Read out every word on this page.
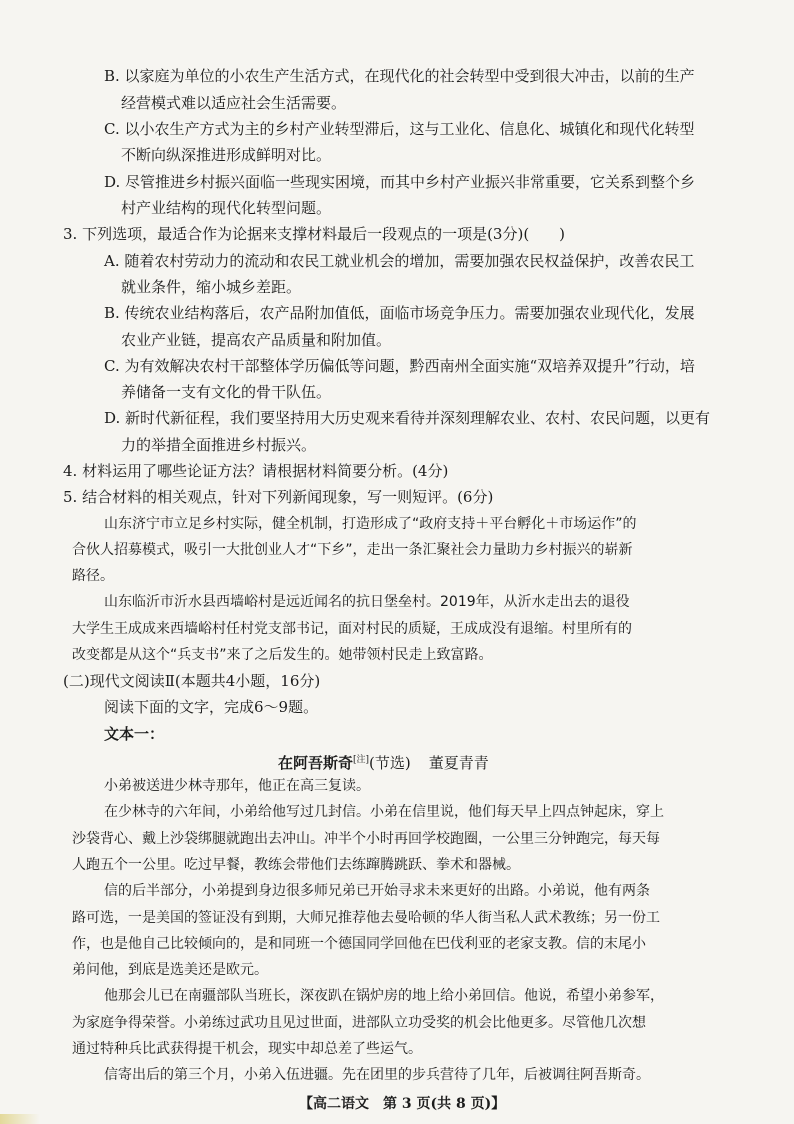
B. 以家庭为单位的小农生产生活方式，在现代化的社会转型中受到很大冲击，以前的生产
经营模式难以适应社会生活需要。
C. 以小农生产方式为主的乡村产业转型滞后，这与工业化、信息化、城镇化和现代化转型
不断向纵深推进形成鲜明对比。
D. 尽管推进乡村振兴面临一些现实困境，而其中乡村产业振兴非常重要，它关系到整个乡
村产业结构的现代化转型问题。
3. 下列选项，最适合作为论据来支撑材料最后一段观点的一项是(3分)(　　)
A. 随着农村劳动力的流动和农民工就业机会的增加，需要加强农民权益保护，改善农民工
就业条件，缩小城乡差距。
B. 传统农业结构落后，农产品附加值低，面临市场竞争压力。需要加强农业现代化，发展
农业产业链，提高农产品质量和附加值。
C. 为有效解决农村干部整体学历偏低等问题，黔西南州全面实施“双培养双提升”行动，培
养储备一支有文化的骨干队伍。
D. 新时代新征程，我们要坚持用大历史观来看待并深刻理解农业、农村、农民问题，以更有
力的举措全面推进乡村振兴。
4. 材料运用了哪些论证方法？请根据材料简要分析。(4分)
5. 结合材料的相关观点，针对下列新闻现象，写一则短评。(6分)
山东济宁市立足乡村实际，健全机制，打造形成了“政府支持＋平台孵化＋市场运作”的
合伙人招募模式，吸引一大批创业人才“下乡”，走出一条汇聚社会力量助力乡村振兴的崭新
路径。
山东临沂市沂水县西墙峪村是远近闻名的抗日堡垒村。2019年，从沂水走出去的退役
大学生王成成来西墙峪村任村党支部书记，面对村民的质疑，王成成没有退缩。村里所有的
改变都是从这个“兵支书”来了之后发生的。她带领村民走上致富路。
(二)现代文阅读Ⅱ(本题共4小题，16分)
阅读下面的文字，完成6～9题。
文本一：
在阿吾斯奇[注](节选) 董夏青青
小弟被送进少林寺那年，他正在高三复读。
在少林寺的六年间，小弟给他写过几封信。小弟在信里说，他们每天早上四点钟起床，穿上
沙袋背心、戴上沙袋绑腿就跑出去冲山。冲半个小时再回学校跑圈，一公里三分钟跑完，每天每
人跑五个一公里。吃过早餐，教练会带他们去练蹿腾跳跃、拳术和器械。
信的后半部分，小弟提到身边很多师兄弟已开始寻求未来更好的出路。小弟说，他有两条
路可选，一是美国的签证没有到期，大师兄推荐他去曼哈顿的华人街当私人武术教练；另一份工
作，也是他自己比较倾向的，是和同班一个德国同学回他在巴伐利亚的老家支教。信的末尾小
弟问他，到底是选美还是欧元。
他那会儿已在南疆部队当班长，深夜趴在锅炉房的地上给小弟回信。他说，希望小弟参军，
为家庭争得荣誉。小弟练过武功且见过世面，进部队立功受奖的机会比他更多。尽管他几次想
通过特种兵比武获得提干机会，现实中却总差了些运气。
信寄出后的第三个月，小弟入伍进疆。先在团里的步兵营待了几年，后被调往阿吾斯奇。
【高二语文　第 3 页(共 8 页)】
